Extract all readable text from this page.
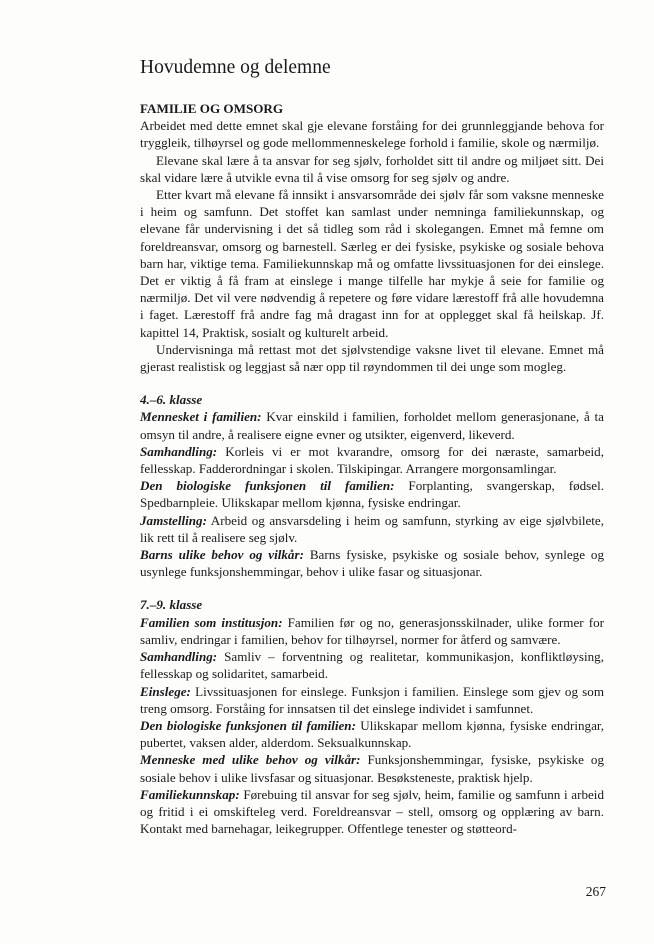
Hovudemne og delemne
FAMILIE OG OMSORG

Arbeidet med dette emnet skal gje elevane forståing for dei grunnleggjande behova for tryggleik, tilhøyrsel og gode mellommenneskelege forhold i familie, skole og nærmiljø.

Elevane skal lære å ta ansvar for seg sjølv, forholdet sitt til andre og miljøet sitt. Dei skal vidare lære å utvikle evna til å vise omsorg for seg sjølv og andre.

Etter kvart må elevane få innsikt i ansvarsområde dei sjølv får som vaksne menneske i heim og samfunn. Det stoffet kan samlast under nemninga familiekunnskap, og elevane får undervisning i det så tidleg som råd i skolegangen. Emnet må femne om foreldreansvar, omsorg og barnestell. Særleg er dei fysiske, psykiske og sosiale behova barn har, viktige tema. Familiekunnskap må og omfatte livssituasjonen for dei einslege. Det er viktig å få fram at einslege i mange tilfelle har mykje å seie for familie og nærmiljø. Det vil vere nødvendig å repetere og føre vidare lærestoff frå alle hovudemna i faget. Lærestoff frå andre fag må dragast inn for at opplegget skal få heilskap. Jf. kapittel 14, Praktisk, sosialt og kulturelt arbeid.

Undervisninga må rettast mot det sjølvstendige vaksne livet til elevane. Emnet må gjerast realistisk og leggjast så nær opp til røyndommen til dei unge som mogleg.

4.–6. klasse

Mennesket i familien: Kvar einskild i familien, forholdet mellom generasjonane, å ta omsyn til andre, å realisere eigne evner og utsikter, eigenverd, likeverd.

Samhandling: Korleis vi er mot kvarandre, omsorg for dei næraste, samarbeid, fellesskap. Fadderordningar i skolen. Tilskipingar. Arrangere morgonsamlingar.

Den biologiske funksjonen til familien: Forplanting, svangerskap, fødsel. Spedbarnpleie. Ulikskapar mellom kjønna, fysiske endringar.

Jamstelling: Arbeid og ansvarsdeling i heim og samfunn, styrking av eige sjølvbilete, lik rett til å realisere seg sjølv.

Barns ulike behov og vilkår: Barns fysiske, psykiske og sosiale behov, synlege og usynlege funksjonshemmingar, behov i ulike fasar og situasjonar.

7.–9. klasse

Familien som institusjon: Familien før og no, generasjonsskilnader, ulike former for samliv, endringar i familien, behov for tilhøyrsel, normer for åtferd og samvære.

Samhandling: Samliv – forventning og realitetar, kommunikasjon, konfliktløysing, fellesskap og solidaritet, samarbeid.

Einslege: Livssituasjonen for einslege. Funksjon i familien. Einslege som gjev og som treng omsorg. Forståing for innsatsen til det einslege individet i samfunnet.

Den biologiske funksjonen til familien: Ulikskapar mellom kjønna, fysiske endringar, pubertet, vaksen alder, alderdom. Seksualkunnskap.

Menneske med ulike behov og vilkår: Funksjonshemmingar, fysiske, psykiske og sosiale behov i ulike livsfasar og situasjonar. Besøksteneste, praktisk hjelp.

Familiekunnskap: Førebuing til ansvar for seg sjølv, heim, familie og samfunn i arbeid og fritid i ei omskifteleg verd. Foreldreansvar – stell, omsorg og opplæring av barn. Kontakt med barnehagar, leikegrupper. Offentlege tenester og støtteord-

267
